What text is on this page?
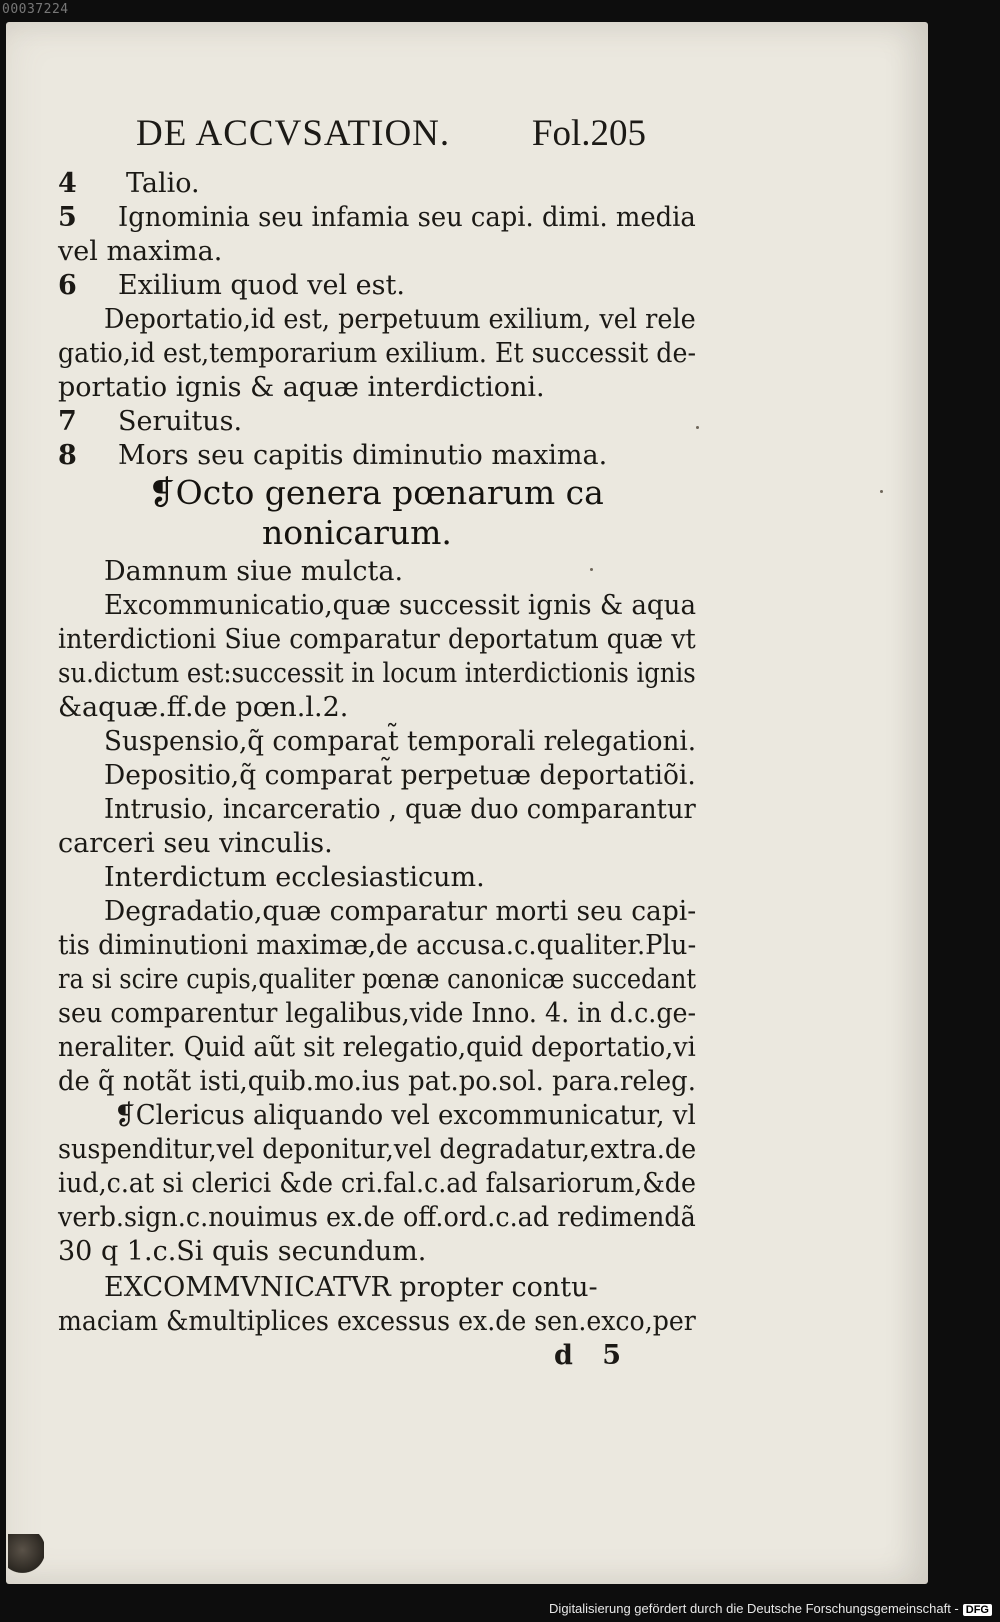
00037224
DE ACCVSATION. Fol.205
4	Talio.
5	Ignominia seu infamia seu capi. dimi. media
vel maxima.
6	Exilium quod vel est.
Deportatio,id est, perpetuum exilium, vel rele
gatio,id est,temporarium exilium. Et successit de-
portatio ignis & aquæ interdictioni.
7	Seruitus.
8	Mors seu capitis diminutio maxima.
❡Octo genera pœnarum ca
nonicarum.
Damnum siue mulcta.
Excommunicatio,quæ successit ignis & aqua
interdictioni Siue comparatur deportatum quæ vt
su.dictum est:successit in locum interdictionis ignis
&aquæ.ff.de pœn.l.2.
Suspensio,q̃ comparat̃ temporali relegationi.
Depositio,q̃ comparat̃ perpetuæ deportatiõi.
Intrusio, incarceratio , quæ duo comparantur
carceri seu vinculis.
Interdictum ecclesiasticum.
Degradatio,quæ comparatur morti seu capi-
tis diminutioni maximæ,de accusa.c.qualiter.Plu-
ra si scire cupis,qualiter pœnæ canonicæ succedant
seu comparentur legalibus,vide Inno. 4. in d.c.ge-
neraliter. Quid aũt sit relegatio,quid deportatio,vi
de q̃ notãt isti,quib.mo.ius pat.po.sol. para.releg.
❡Clericus aliquando vel excommunicatur, vl
suspenditur,vel deponitur,vel degradatur,extra.de
iud,c.at si clerici &de cri.fal.c.ad falsariorum,&de
verb.sign.c.nouimus ex.de off.ord.c.ad redimendã
30 q 1.c.Si quis secundum.
EXCOMMVNICATVR propter contu-
maciam &multiplices excessus ex.de sen.exco,per
d 5
Digitalisierung gefördert durch die Deutsche Forschungsgemeinschaft - DFG
